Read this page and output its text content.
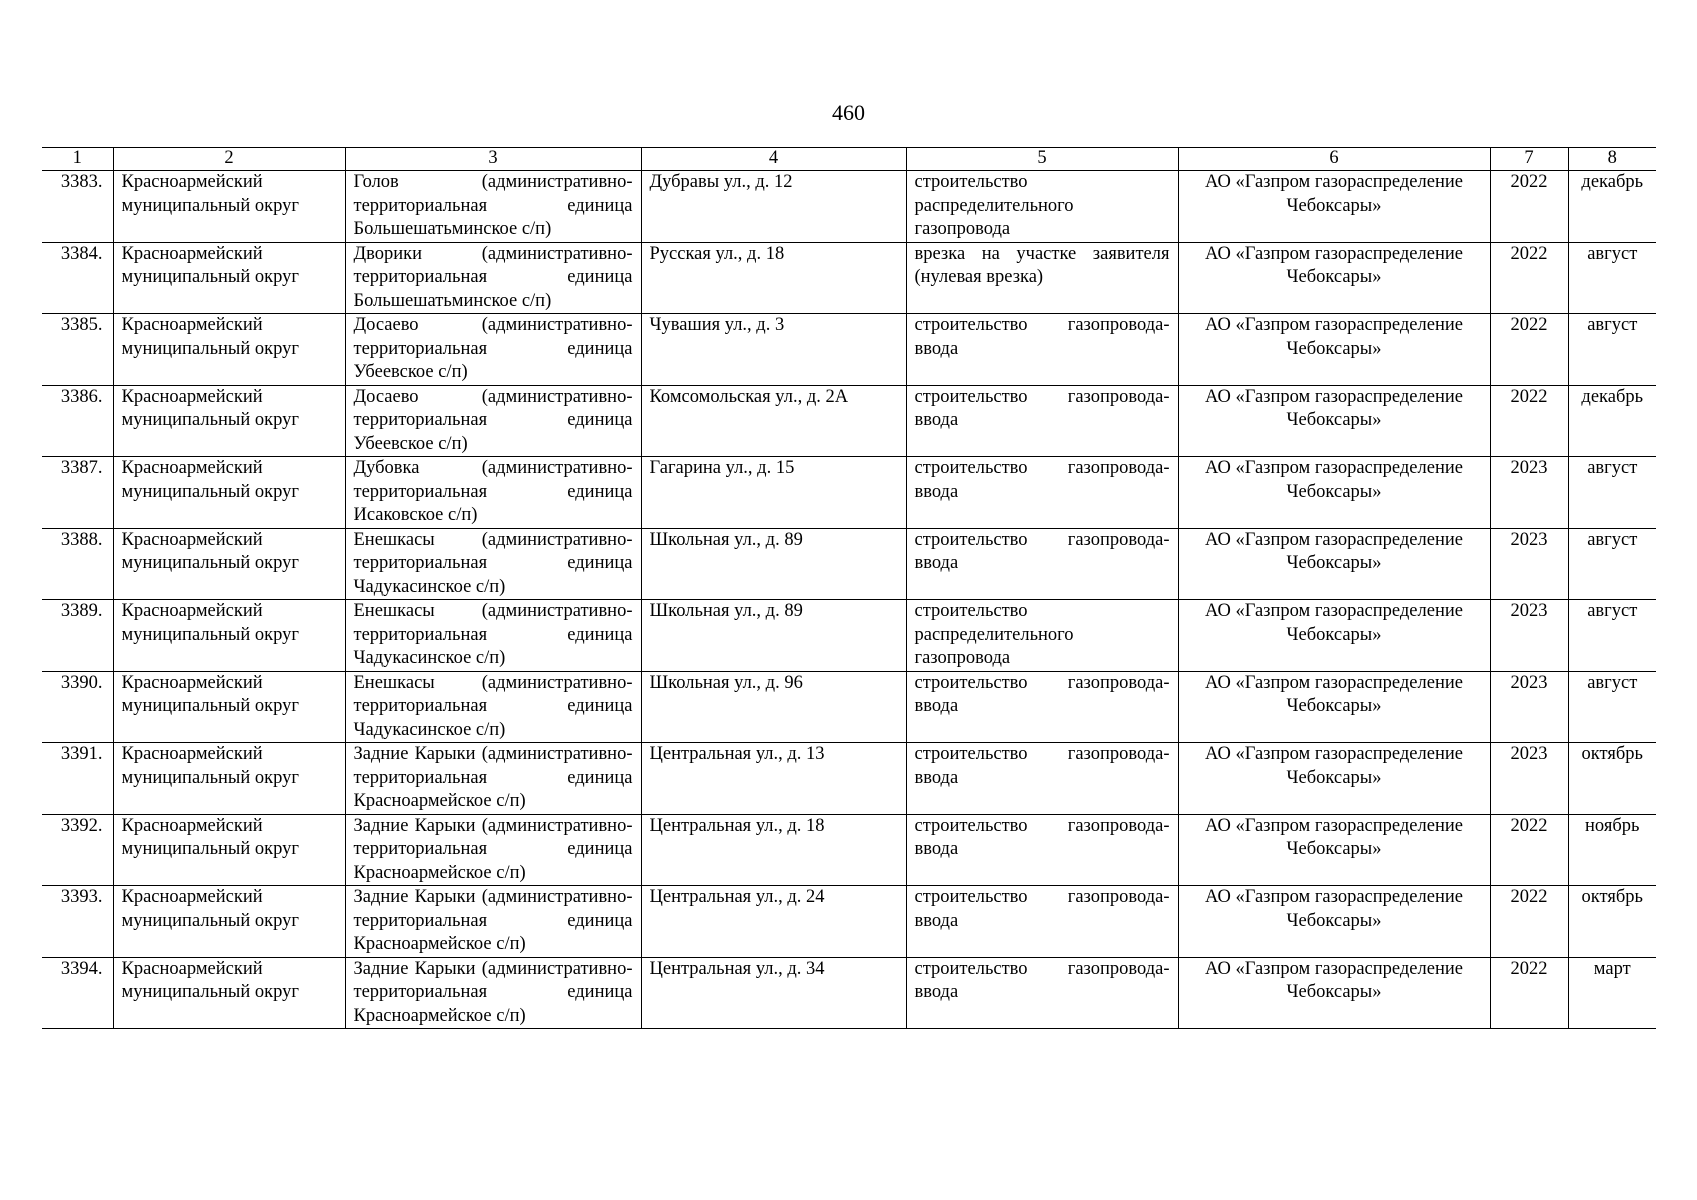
460
1	2	3	4	5	6	7	8
3383.	Красноармейский муниципальный округ	Голов (административно-территориальная единица Большешатьминское с/п)	Дубравы ул., д. 12	строительство распределительного газопровода	АО «Газпром газораспределение Чебоксары»	2022	декабрь
3384.	Красноармейский муниципальный округ	Дворики (административно-территориальная единица Большешатьминское с/п)	Русская ул., д. 18	врезка на участке заявителя (нулевая врезка)	АО «Газпром газораспределение Чебоксары»	2022	август
3385.	Красноармейский муниципальный округ	Досаево (административно-территориальная единица Убеевское с/п)	Чувашия ул., д. 3	строительство газопровода-ввода	АО «Газпром газораспределение Чебоксары»	2022	август
3386.	Красноармейский муниципальный округ	Досаево (административно-территориальная единица Убеевское с/п)	Комсомольская ул., д. 2А	строительство газопровода-ввода	АО «Газпром газораспределение Чебоксары»	2022	декабрь
3387.	Красноармейский муниципальный округ	Дубовка (административно-территориальная единица Исаковское с/п)	Гагарина ул., д. 15	строительство газопровода-ввода	АО «Газпром газораспределение Чебоксары»	2023	август
3388.	Красноармейский муниципальный округ	Енешкасы (административно-территориальная единица Чадукасинское с/п)	Школьная ул., д. 89	строительство газопровода-ввода	АО «Газпром газораспределение Чебоксары»	2023	август
3389.	Красноармейский муниципальный округ	Енешкасы (административно-территориальная единица Чадукасинское с/п)	Школьная ул., д. 89	строительство распределительного газопровода	АО «Газпром газораспределение Чебоксары»	2023	август
3390.	Красноармейский муниципальный округ	Енешкасы (административно-территориальная единица Чадукасинское с/п)	Школьная ул., д. 96	строительство газопровода-ввода	АО «Газпром газораспределение Чебоксары»	2023	август
3391.	Красноармейский муниципальный округ	Задние Карыки (административно-территориальная единица Красноармейское с/п)	Центральная ул., д. 13	строительство газопровода-ввода	АО «Газпром газораспределение Чебоксары»	2023	октябрь
3392.	Красноармейский муниципальный округ	Задние Карыки (административно-территориальная единица Красноармейское с/п)	Центральная ул., д. 18	строительство газопровода-ввода	АО «Газпром газораспределение Чебоксары»	2022	ноябрь
3393.	Красноармейский муниципальный округ	Задние Карыки (административно-территориальная единица Красноармейское с/п)	Центральная ул., д. 24	строительство газопровода-ввода	АО «Газпром газораспределение Чебоксары»	2022	октябрь
3394.	Красноармейский муниципальный округ	Задние Карыки (административно-территориальная единица Красноармейское с/п)	Центральная ул., д. 34	строительство газопровода-ввода	АО «Газпром газораспределение Чебоксары»	2022	март
